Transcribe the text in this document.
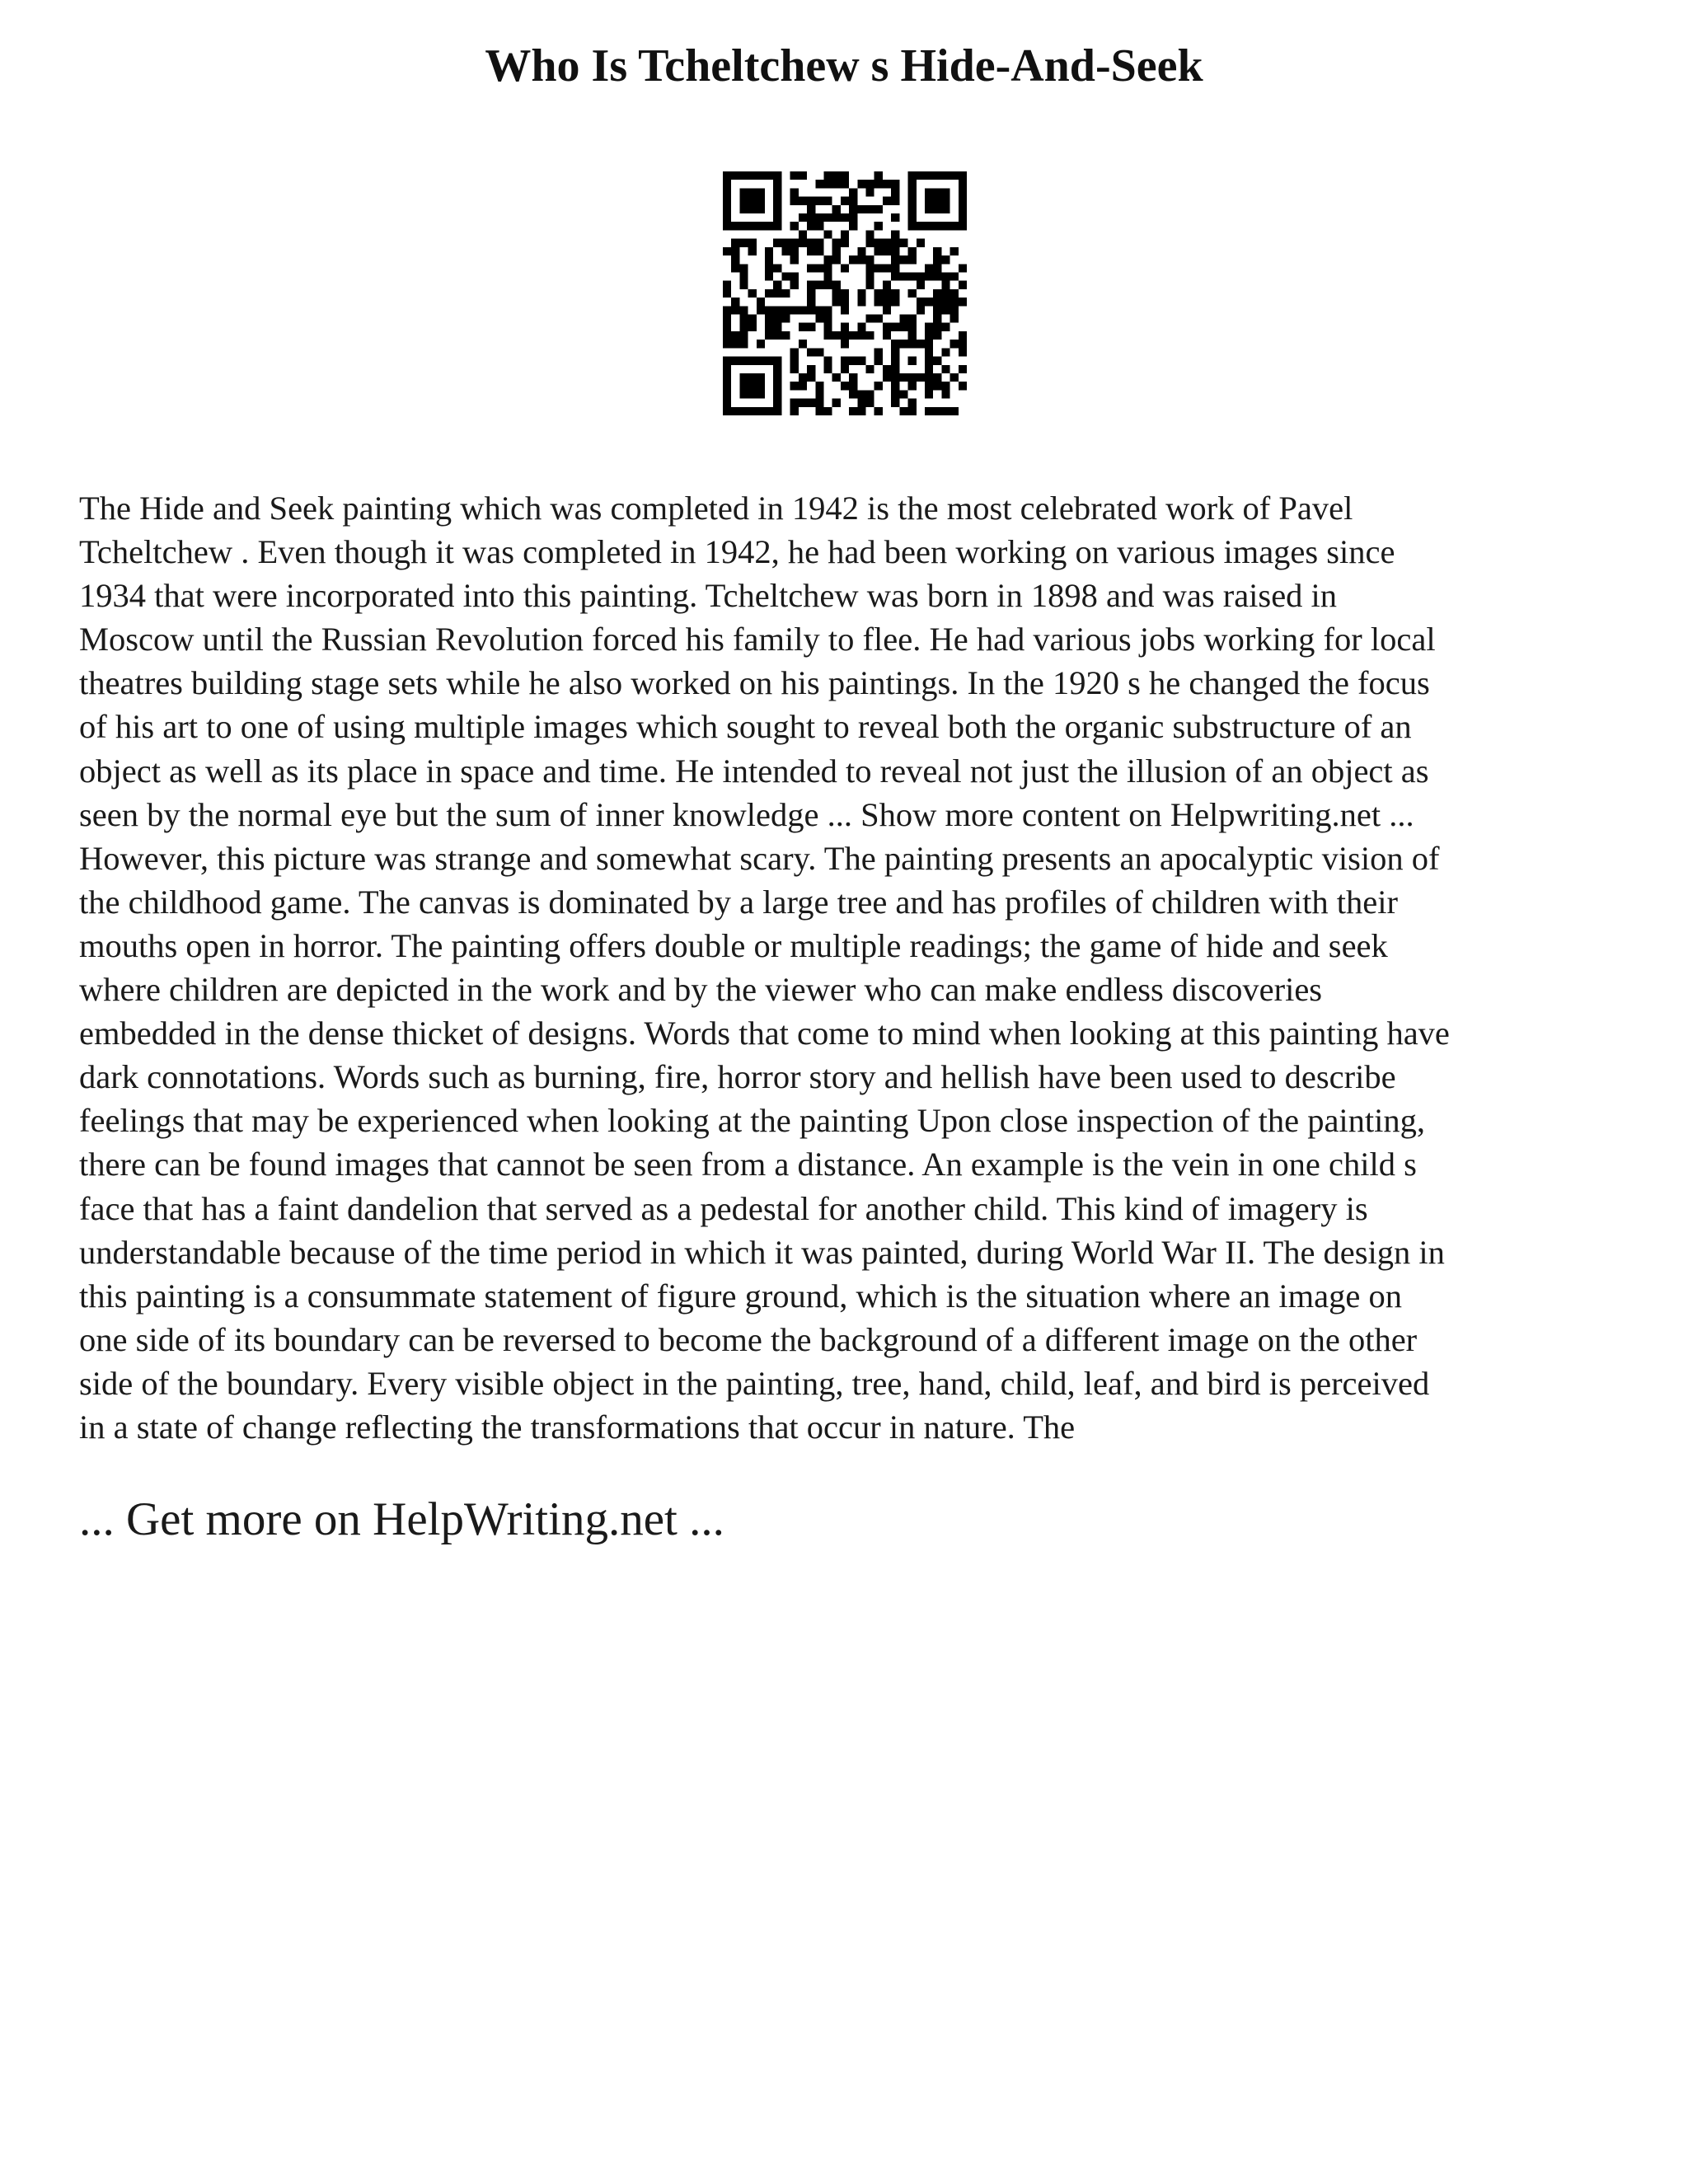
Who Is Tcheltchew s Hide-And-Seek

The Hide and Seek painting which was completed in 1942 is the most celebrated work of Pavel
Tcheltchew . Even though it was completed in 1942, he had been working on various images since
1934 that were incorporated into this painting. Tcheltchew was born in 1898 and was raised in
Moscow until the Russian Revolution forced his family to flee. He had various jobs working for local
theatres building stage sets while he also worked on his paintings. In the 1920 s he changed the focus
of his art to one of using multiple images which sought to reveal both the organic substructure of an
object as well as its place in space and time. He intended to reveal not just the illusion of an object as
seen by the normal eye but the sum of inner knowledge ... Show more content on Helpwriting.net ...
However, this picture was strange and somewhat scary. The painting presents an apocalyptic vision of
the childhood game. The canvas is dominated by a large tree and has profiles of children with their
mouths open in horror. The painting offers double or multiple readings; the game of hide and seek
where children are depicted in the work and by the viewer who can make endless discoveries
embedded in the dense thicket of designs. Words that come to mind when looking at this painting have
dark connotations. Words such as burning, fire, horror story and hellish have been used to describe
feelings that may be experienced when looking at the painting Upon close inspection of the painting,
there can be found images that cannot be seen from a distance. An example is the vein in one child s
face that has a faint dandelion that served as a pedestal for another child. This kind of imagery is
understandable because of the time period in which it was painted, during World War II. The design in
this painting is a consummate statement of figure ground, which is the situation where an image on
one side of its boundary can be reversed to become the background of a different image on the other
side of the boundary. Every visible object in the painting, tree, hand, child, leaf, and bird is perceived
in a state of change reflecting the transformations that occur in nature. The

... Get more on HelpWriting.net ...
